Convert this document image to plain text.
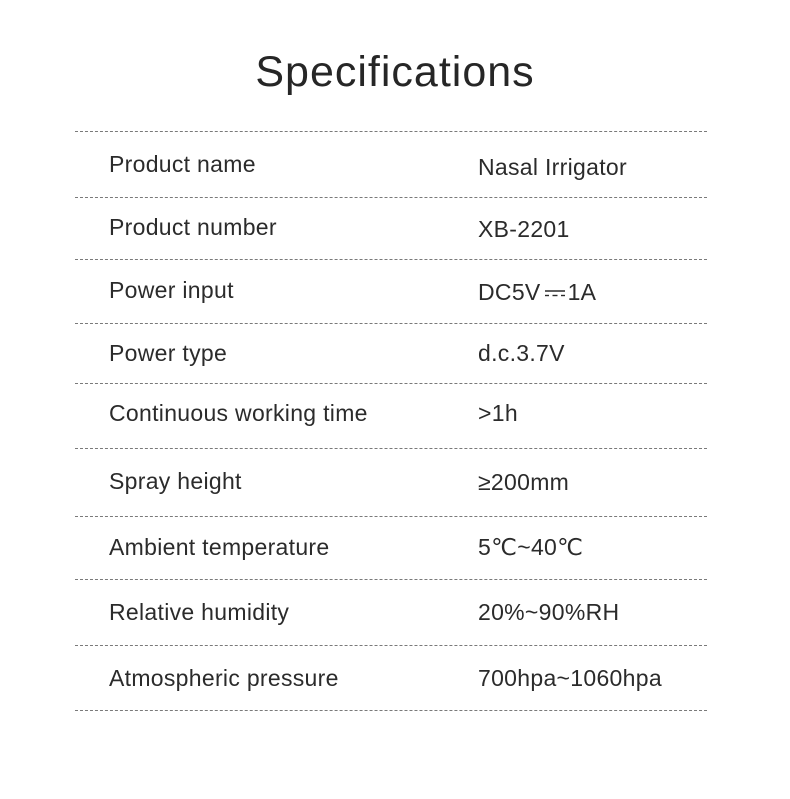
Specifications
Product name	Nasal Irrigator
Product number	XB-2201
Power input	DC5V 1A
Power type	d.c.3.7V
Continuous working time	>1h
Spray height	≥200mm
Ambient temperature	5℃~40℃
Relative humidity	20%~90%RH
Atmospheric pressure	700hpa~1060hpa
